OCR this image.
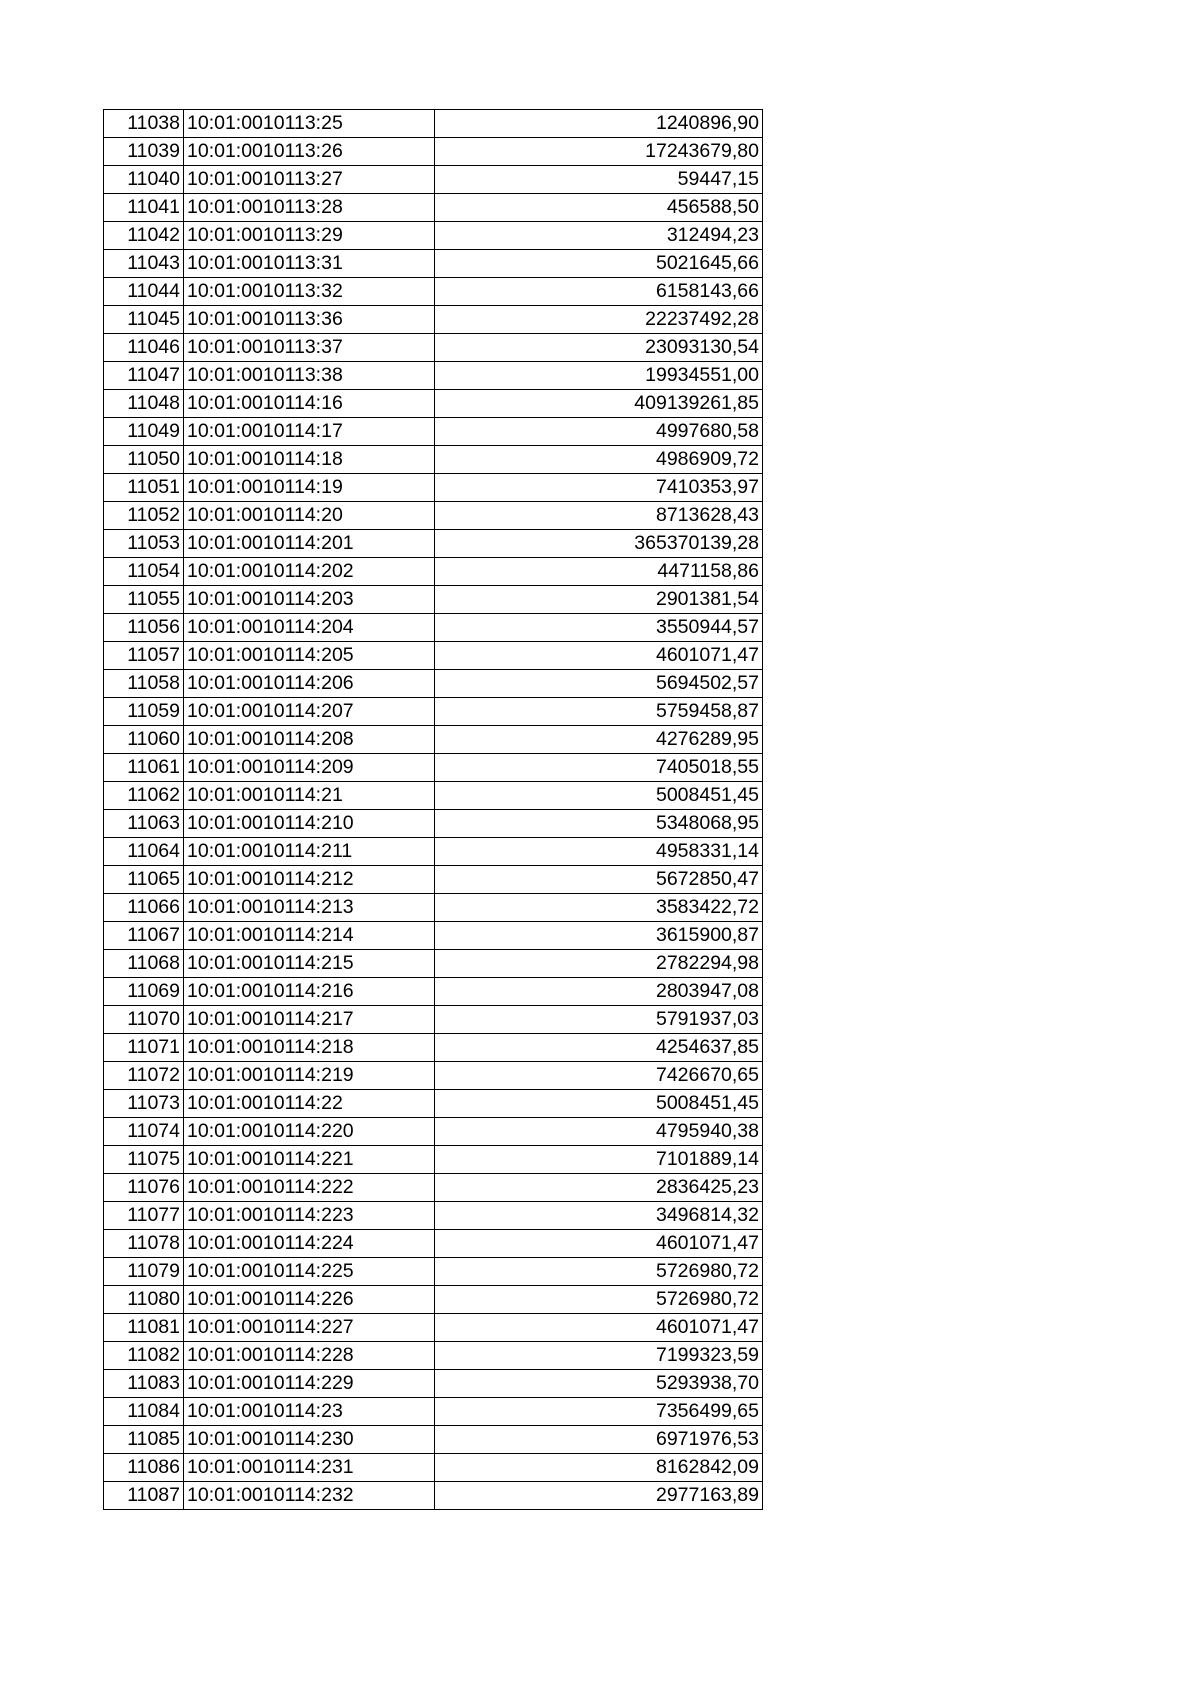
11038	10:01:0010113:25	1240896,90
11039	10:01:0010113:26	17243679,80
11040	10:01:0010113:27	59447,15
11041	10:01:0010113:28	456588,50
11042	10:01:0010113:29	312494,23
11043	10:01:0010113:31	5021645,66
11044	10:01:0010113:32	6158143,66
11045	10:01:0010113:36	22237492,28
11046	10:01:0010113:37	23093130,54
11047	10:01:0010113:38	19934551,00
11048	10:01:0010114:16	409139261,85
11049	10:01:0010114:17	4997680,58
11050	10:01:0010114:18	4986909,72
11051	10:01:0010114:19	7410353,97
11052	10:01:0010114:20	8713628,43
11053	10:01:0010114:201	365370139,28
11054	10:01:0010114:202	4471158,86
11055	10:01:0010114:203	2901381,54
11056	10:01:0010114:204	3550944,57
11057	10:01:0010114:205	4601071,47
11058	10:01:0010114:206	5694502,57
11059	10:01:0010114:207	5759458,87
11060	10:01:0010114:208	4276289,95
11061	10:01:0010114:209	7405018,55
11062	10:01:0010114:21	5008451,45
11063	10:01:0010114:210	5348068,95
11064	10:01:0010114:211	4958331,14
11065	10:01:0010114:212	5672850,47
11066	10:01:0010114:213	3583422,72
11067	10:01:0010114:214	3615900,87
11068	10:01:0010114:215	2782294,98
11069	10:01:0010114:216	2803947,08
11070	10:01:0010114:217	5791937,03
11071	10:01:0010114:218	4254637,85
11072	10:01:0010114:219	7426670,65
11073	10:01:0010114:22	5008451,45
11074	10:01:0010114:220	4795940,38
11075	10:01:0010114:221	7101889,14
11076	10:01:0010114:222	2836425,23
11077	10:01:0010114:223	3496814,32
11078	10:01:0010114:224	4601071,47
11079	10:01:0010114:225	5726980,72
11080	10:01:0010114:226	5726980,72
11081	10:01:0010114:227	4601071,47
11082	10:01:0010114:228	7199323,59
11083	10:01:0010114:229	5293938,70
11084	10:01:0010114:23	7356499,65
11085	10:01:0010114:230	6971976,53
11086	10:01:0010114:231	8162842,09
11087	10:01:0010114:232	2977163,89
